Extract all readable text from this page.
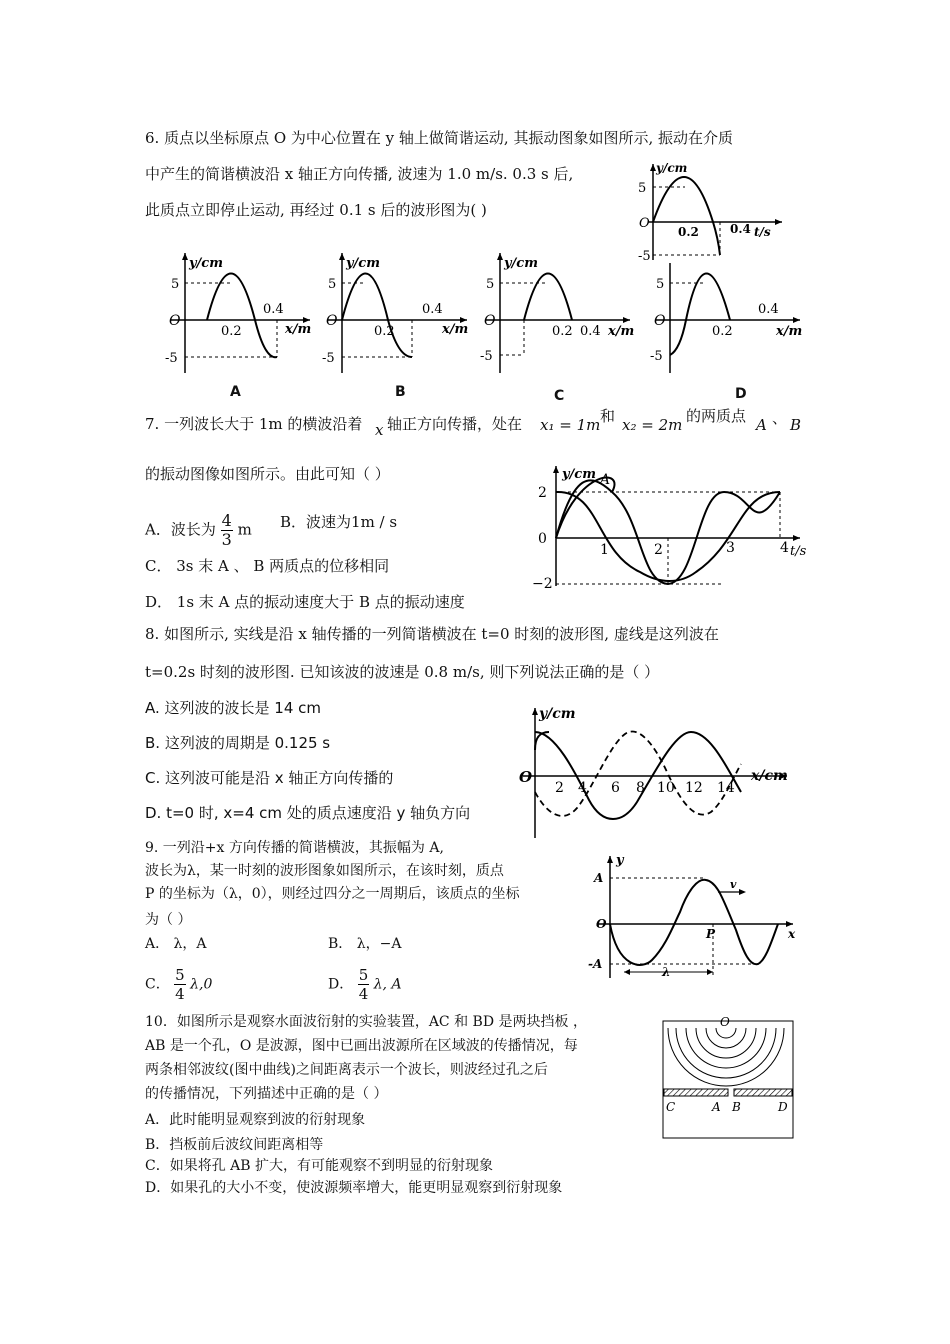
6. 质点以坐标原点 O 为中心位置在 y 轴上做简谐运动, 其振动图象如图所示, 振动在介质
中产生的简谐横波沿 x 轴正方向传播, 波速为 1.0 m/s. 0.3 s 后,
此质点立即停止运动, 再经过 0.1 s 后的波形图为( )
y/cm
5
O
0.2	0.4 t/s
-5
y/cm
5
O
0.2
0.4
x/m
-5
A
y/cm
5
O
0.2
0.4
x/m
-5
B
y/cm
5
O
0.2 0.4 x/m
-5
C
5
O
0.2
0.4
x/m
-5
D
7. 一列波长大于 1m 的横波沿着 x 轴正方向传播，处在 x₁ = 1m 和 x₂ = 2m 的两质点 A 、 B
的振动图像如图所示。由此可知（ ）
A．波长为 $\frac{4}{3}$ m B．波速为1m / s
C． 3s 末 A 、 B 两质点的位移相同
D． 1s 末 A 点的振动速度大于 B 点的振动速度
y/cm A
2
0
−2
1	2	3	4 t/s
8. 如图所示, 实线是沿 x 轴传播的一列简谐横波在 t=0 时刻的波形图, 虚线是这列波在
t=0.2s 时刻的波形图. 已知该波的波速是 0.8 m/s, 则下列说法正确的是（ ）
A. 这列波的波长是 14 cm
B. 这列波的周期是 0.125 s
C. 这列波可能是沿 x 轴正方向传播的
D. t=0 时, x=4 cm 处的质点速度沿 y 轴负方向
y/cm
O
2 4 6 8 10 12 14
x/cm
9. 一列沿+x 方向传播的简谐横波，其振幅为 A,
波长为λ，某一时刻的波形图象如图所示，在该时刻，质点
P 的坐标为（λ，0），则经过四分之一周期后，该质点的坐标
为（ ）
A． λ，A	B． λ，−A
C． $\frac{5}{4} \lambda,0$	D． $\frac{5}{4} \lambda$, A
y
A
O
-A
P
λ
v
x
10．如图所示是观察水面波衍射的实验装置，AC 和 BD 是两块挡板 ，
AB 是一个孔，O 是波源，图中已画出波源所在区域波的传播情况，每
两条相邻波纹(图中曲线)之间距离表示一个波长，则波经过孔之后
的传播情况，下列描述中正确的是（ ）
A．此时能明显观察到波的衍射现象
B．挡板前后波纹间距离相等
C．如果将孔 AB 扩大，有可能观察不到明显的衍射现象
D．如果孔的大小不变，使波源频率增大，能更明显观察到衍射现象
O
C	A B	D
